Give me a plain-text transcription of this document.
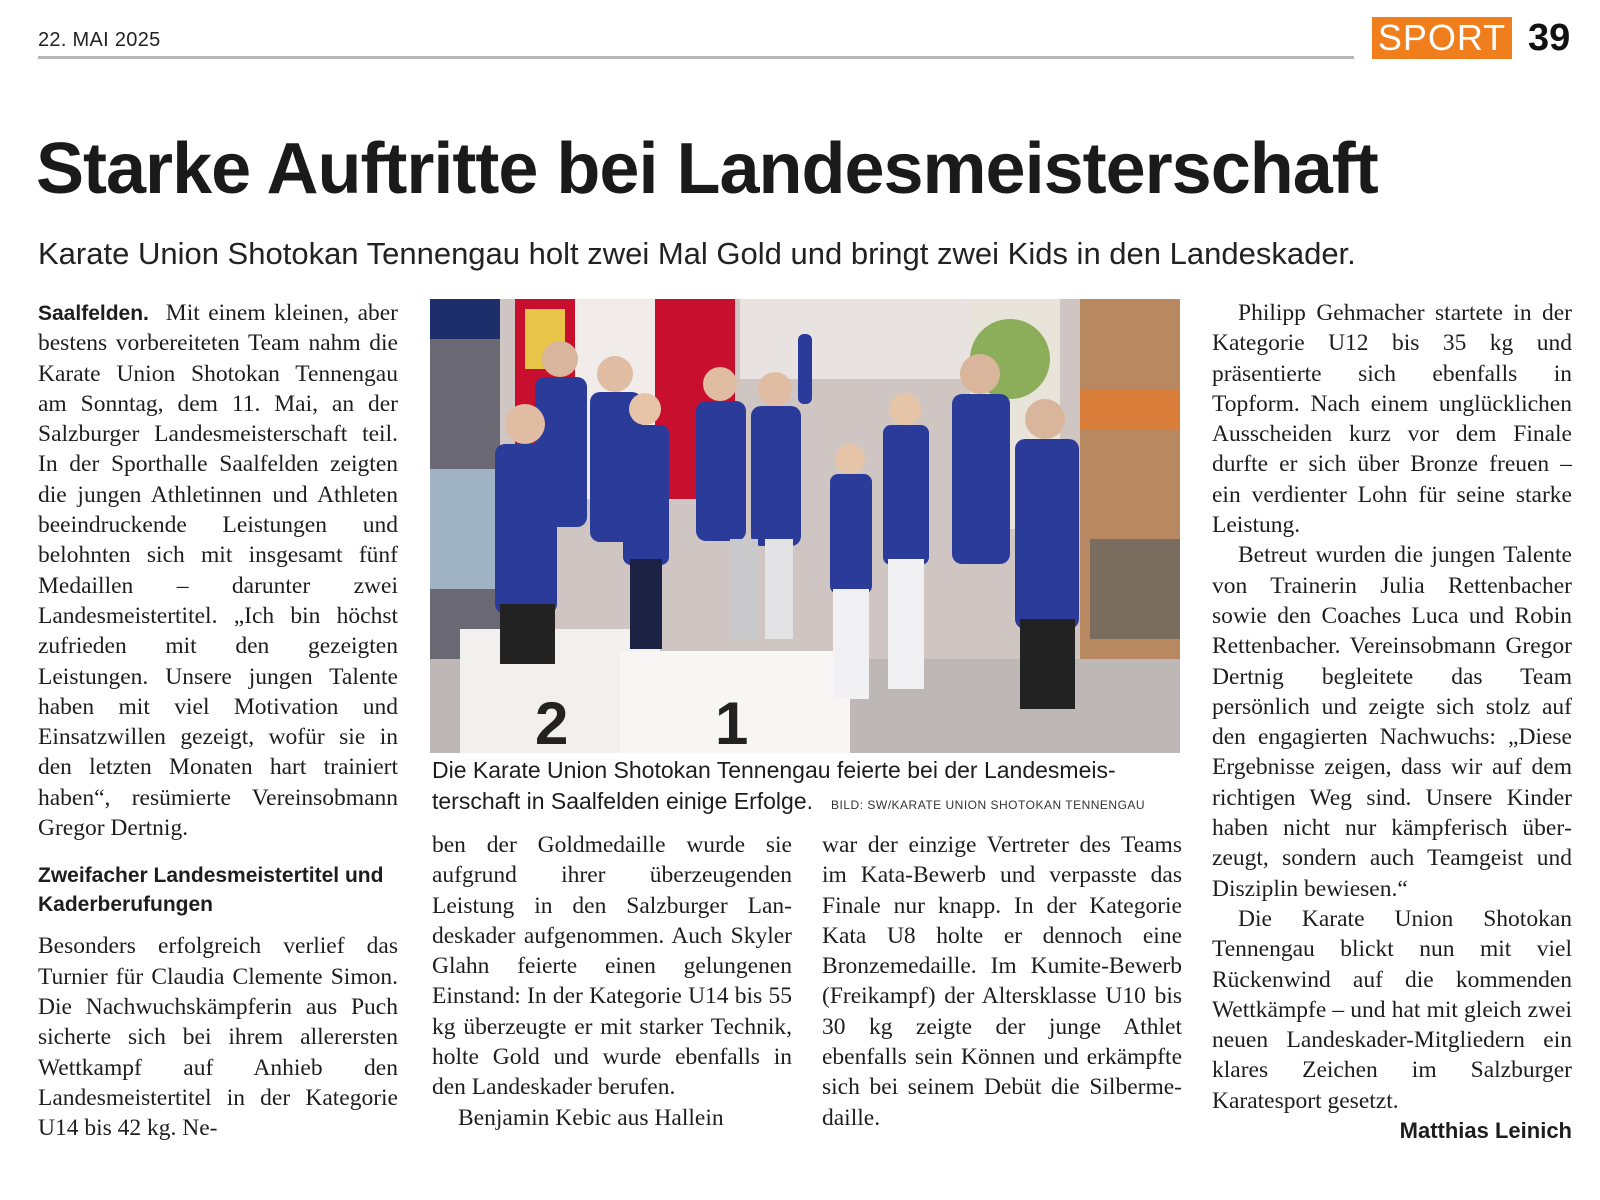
22. MAI 2025	SPORT 39
Starke Auftritte bei Landesmeisterschaft
Karate Union Shotokan Tennengau holt zwei Mal Gold und bringt zwei Kids in den Landeskader.

Saalfelden. Mit einem kleinen, aber bestens vorbereiteten Team nahm die Karate Union Shotokan Tennengau am Sonntag, dem 11. Mai, an der Salzburger Landesmeisterschaft teil. In der Sporthalle Saalfelden zeigten die jungen Athletinnen und Athleten beeindruckende Leistungen und belohnten sich mit insgesamt fünf Medaillen – darunter zwei Landesmeistertitel. „Ich bin höchst zufrieden mit den gezeigten Leistungen. Unsere jungen Talente haben mit viel Motivation und Einsatzwillen gezeigt, wofür sie in den letzten Monaten hart trainiert haben“, resümierte Vereinsobmann Gregor Dertnig.

Zweifacher Landesmeistertitel und Kaderberufungen

Besonders erfolgreich verlief das Turnier für Claudia Clemente Simon. Die Nachwuchskämpferin aus Puch sicherte sich bei ihrem allerersten Wettkampf auf Anhieb den Landesmeistertitel in der Kategorie U14 bis 42 kg. Ne-

2 1
Die Karate Union Shotokan Tennengau feierte bei der Landesmeisterschaft in Saalfelden einige Erfolge. BILD: SW/KARATE UNION SHOTOKAN TENNENGAU

ben der Goldmedaille wurde sie aufgrund ihrer überzeugenden Leistung in den Salzburger Landeskader aufgenommen. Auch Skyler Glahn feierte einen gelungenen Einstand: In der Kategorie U14 bis 55 kg überzeugte er mit starker Technik, holte Gold und wurde ebenfalls in den Landeskader berufen.

Benjamin Kebic aus Hallein

war der einzige Vertreter des Teams im Kata-Bewerb und verpasste das Finale nur knapp. In der Kategorie Kata U8 holte er dennoch eine Bronzemedaille. Im Kumite-Bewerb (Freikampf) der Altersklasse U10 bis 30 kg zeigte der junge Athlet ebenfalls sein Können und erkämpfte sich bei seinem Debüt die Silbermedaille.

Philipp Gehmacher startete in der Kategorie U12 bis 35 kg und präsentierte sich ebenfalls in Topform. Nach einem unglücklichen Ausscheiden kurz vor dem Finale durfte er sich über Bronze freuen – ein verdienter Lohn für seine starke Leistung.

Betreut wurden die jungen Talente von Trainerin Julia Rettenbacher sowie den Coaches Luca und Robin Rettenbacher. Vereinsobmann Gregor Dertnig begleitete das Team persönlich und zeigte sich stolz auf den engagierten Nachwuchs: „Diese Ergebnisse zeigen, dass wir auf dem richtigen Weg sind. Unsere Kinder haben nicht nur kämpferisch überzeugt, sondern auch Teamgeist und Disziplin bewiesen.“

Die Karate Union Shotokan Tennengau blickt nun mit viel Rückenwind auf die kommenden Wettkämpfe – und hat mit gleich zwei neuen Landeskader-Mitgliedern ein klares Zeichen im Salzburger Karatesport gesetzt.

Matthias Leinich
